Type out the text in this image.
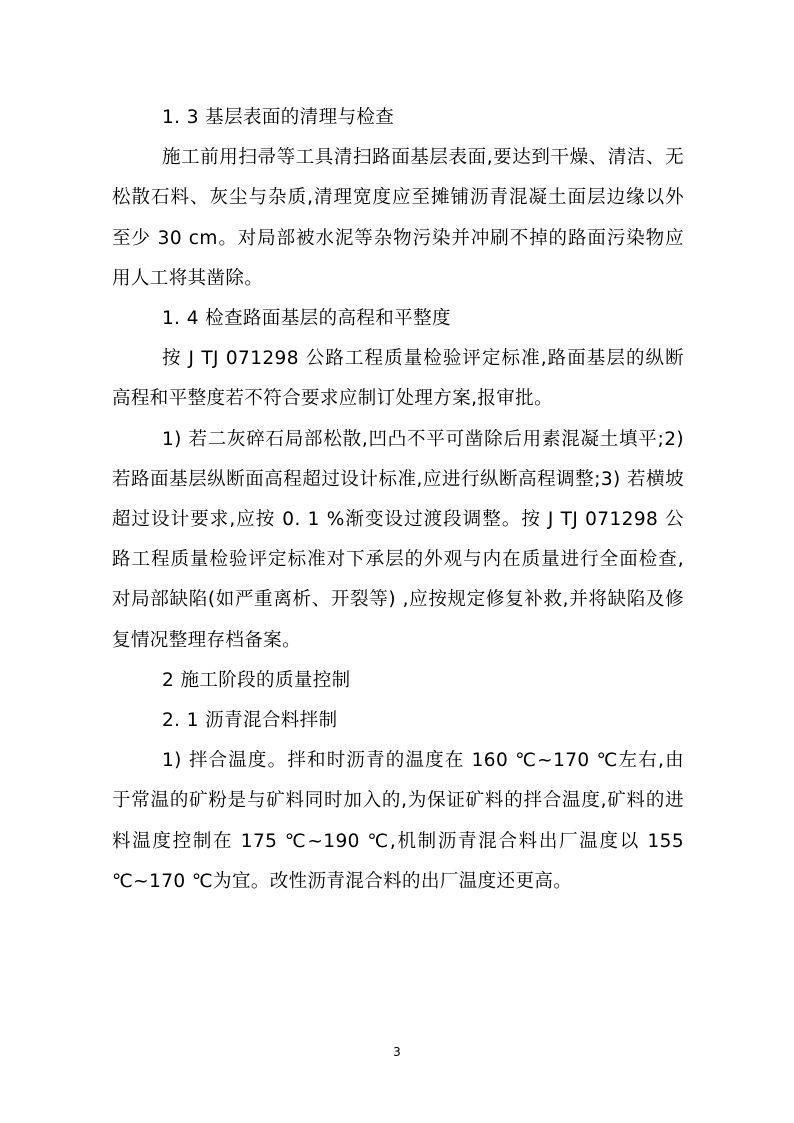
1. 3 基层表面的清理与检查

施工前用扫帚等工具清扫路面基层表面,要达到干燥、清洁、无松散石料、灰尘与杂质,清理宽度应至摊铺沥青混凝土面层边缘以外至少 30 cm。对局部被水泥等杂物污染并冲刷不掉的路面污染物应用人工将其凿除。

1. 4 检查路面基层的高程和平整度

按 J TJ 071298 公路工程质量检验评定标准,路面基层的纵断高程和平整度若不符合要求应制订处理方案,报审批。

1) 若二灰碎石局部松散,凹凸不平可凿除后用素混凝土填平;2) 若路面基层纵断面高程超过设计标准,应进行纵断高程调整;3) 若横坡超过设计要求,应按 0. 1 %渐变设过渡段调整。按 J TJ 071298 公路工程质量检验评定标准对下承层的外观与内在质量进行全面检查,对局部缺陷(如严重离析、开裂等) ,应按规定修复补救,并将缺陷及修复情况整理存档备案。

2 施工阶段的质量控制

2. 1 沥青混合料拌制

1) 拌合温度。拌和时沥青的温度在 160 ℃~170 ℃左右,由于常温的矿粉是与矿料同时加入的,为保证矿料的拌合温度,矿料的进料温度控制在 175 ℃~190 ℃,机制沥青混合料出厂温度以 155 ℃~170 ℃为宜。改性沥青混合料的出厂温度还更高。

3
